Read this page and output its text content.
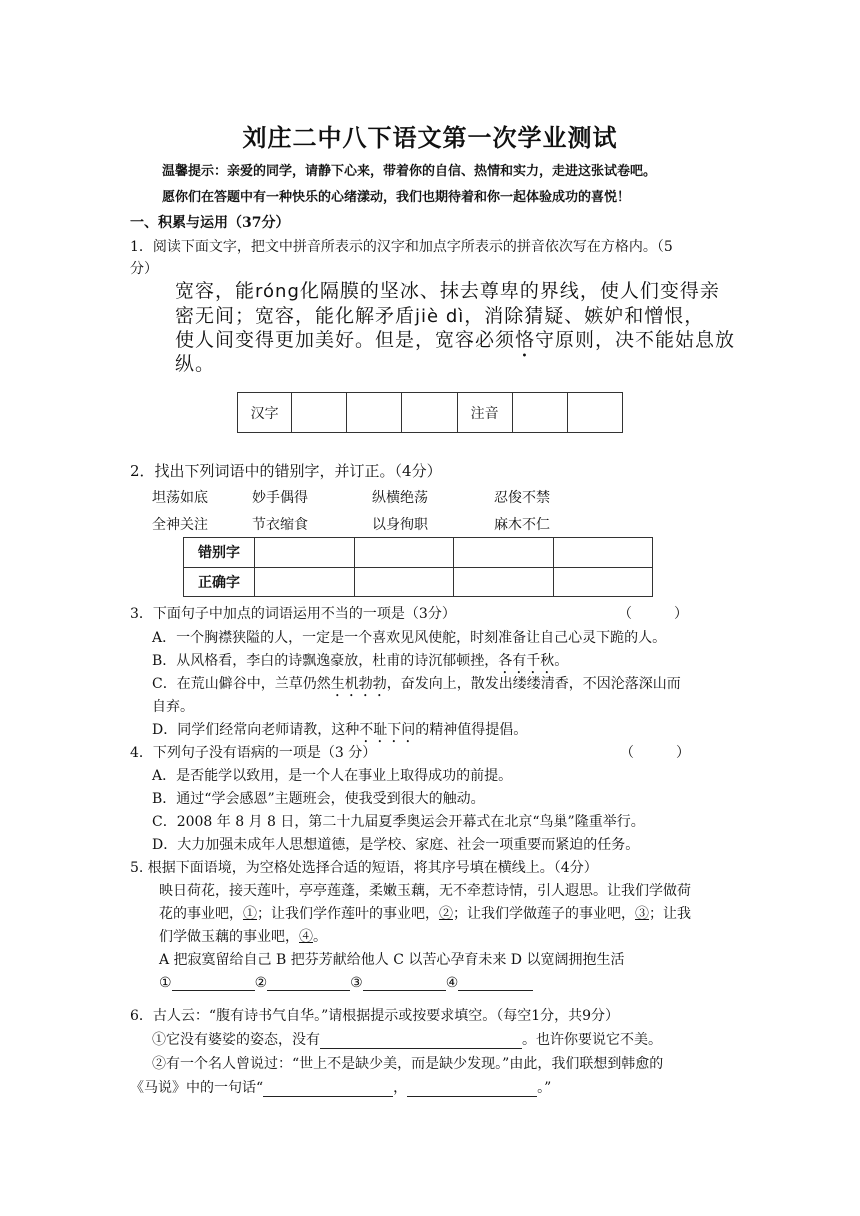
刘庄二中八下语文第一次学业测试
温馨提示：亲爱的同学，请静下心来，带着你的自信、热情和实力，走进这张试卷吧。
愿你们在答题中有一种快乐的心绪漾动，我们也期待着和你一起体验成功的喜悦！
一、积累与运用（37分）
1．阅读下面文字，把文中拼音所表示的汉字和加点字所表示的拼音依次写在方格内。（5
分）
宽容，能róng化隔膜的坚冰、抹去尊卑的界线，使人们变得亲
密无间；宽容，能化解矛盾jiè dì，消除猜疑、嫉妒和憎恨，
使人间变得更加美好。但是，宽容必须恪守原则，决不能姑息放
纵。
汉字				注音		
2．找出下列词语中的错别字，并订正。（4分）
坦荡如底	妙手偶得	纵横绝荡	忍俊不禁
全神关注	节衣缩食	以身徇职	麻木不仁
错别字				
正确字				
3．下面句子中加点的词语运用不当的一项是（3分）	（　　　）
A．一个胸襟狭隘的人，一定是一个喜欢见风使舵，时刻准备让自己心灵下跪的人。
B．从风格看，李白的诗飘逸豪放，杜甫的诗沉郁顿挫，各有千秋。
C．在荒山僻谷中，兰草仍然生机勃勃，奋发向上，散发出缕缕清香，不因沦落深山而
自弃。
D．同学们经常向老师请教，这种不耻下问的精神值得提倡。
4．下列句子没有语病的一项是（3 分）	（　　　）
A．是否能学以致用，是一个人在事业上取得成功的前提。
B．通过“学会感恩”主题班会，使我受到很大的触动。
C．2008 年 8 月 8 日，第二十九届夏季奥运会开幕式在北京“鸟巢”隆重举行。
D．大力加强未成年人思想道德，是学校、家庭、社会一项重要而紧迫的任务。
5. 根据下面语境，为空格处选择合适的短语，将其序号填在横线上。（4分）
映日荷花，接天莲叶，亭亭莲蓬，柔嫩玉藕，无不牵惹诗情，引人遐思。让我们学做荷
花的事业吧，①；让我们学作莲叶的事业吧，②；让我们学做莲子的事业吧，③；让我
们学做玉藕的事业吧，④。
A 把寂寞留给自己 B 把芬芳献给他人 C 以苦心孕育未来 D 以宽阔拥抱生活
①	②	③	④
6．古人云：“腹有诗书气自华。”请根据提示或按要求填空。（每空1分，共9分）
①它没有婆娑的姿态，没有	。也许你要说它不美。
②有一个名人曾说过：“世上不是缺少美，而是缺少发现。”由此，我们联想到韩愈的
《马说》中的一句话“	，	。”
